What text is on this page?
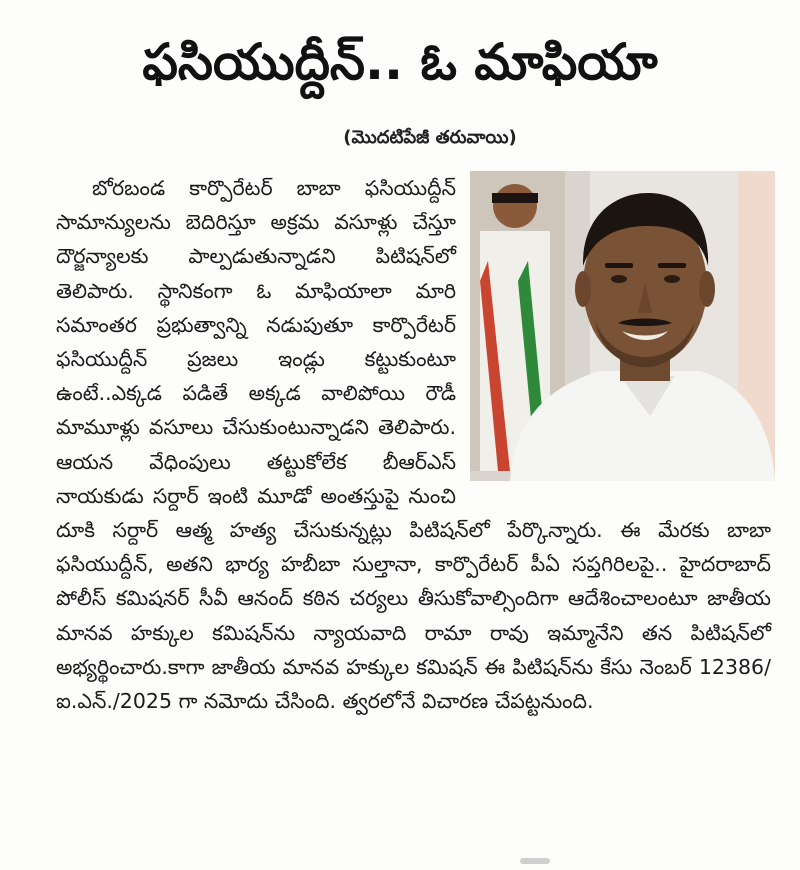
ఫసియుద్దీన్.. ఓ మాఫియా
(మొదటిపేజీ తరువాయి)
బోరబండ కార్పొరేటర్ బాబా ఫసియుద్దీన్ సామాన్యులను బెదిరిస్తూ అక్రమ వసూళ్లు చేస్తూ దౌర్జన్యాలకు పాల్పడుతున్నాడని పిటిషన్‌లో తెలిపారు. స్థానికంగా ఓ మాఫియాలా మారి సమాంతర ప్రభుత్వాన్ని నడుపుతూ కార్పొరేటర్ ఫసియుద్దీన్ ప్రజలు ఇండ్లు కట్టుకుంటూ ఉంటే..ఎక్కడ పడితే అక్కడ వాలిపోయి రౌడీ మామూళ్లు వసూలు చేసుకుంటున్నాడని తెలిపారు. ఆయన వేధింపులు తట్టుకోలేక బీఆర్ఎస్ నాయకుడు సర్దార్ ఇంటి మూడో అంతస్తుపై నుంచి దూకి సర్దార్ ఆత్మ హత్య చేసుకున్నట్లు పిటిషన్‌లో పేర్కొన్నారు. ఈ మేరకు బాబా ఫసియుద్దీన్, అతని భార్య హబీబా సుల్తానా, కార్పొరేటర్ పీఏ సప్తగిరిలపై.. హైదరాబాద్ పోలీస్ కమిషనర్ సీవీ ఆనంద్ కఠిన చర్యలు తీసుకోవాల్సిందిగా ఆదేశించాలంటూ జాతీయ మానవ హక్కుల కమిషన్‌ను న్యాయవాది రామా రావు ఇమ్మానేని తన పిటిషన్‌లో అభ్యర్థించారు.కాగా జాతీయ మానవ హక్కుల కమిషన్ ఈ పిటిషన్‌ను కేసు నెంబర్ 12386/ఐ.ఎన్./2025 గా నమోదు చేసింది. త్వరలోనే విచారణ చేపట్టనుంది.
